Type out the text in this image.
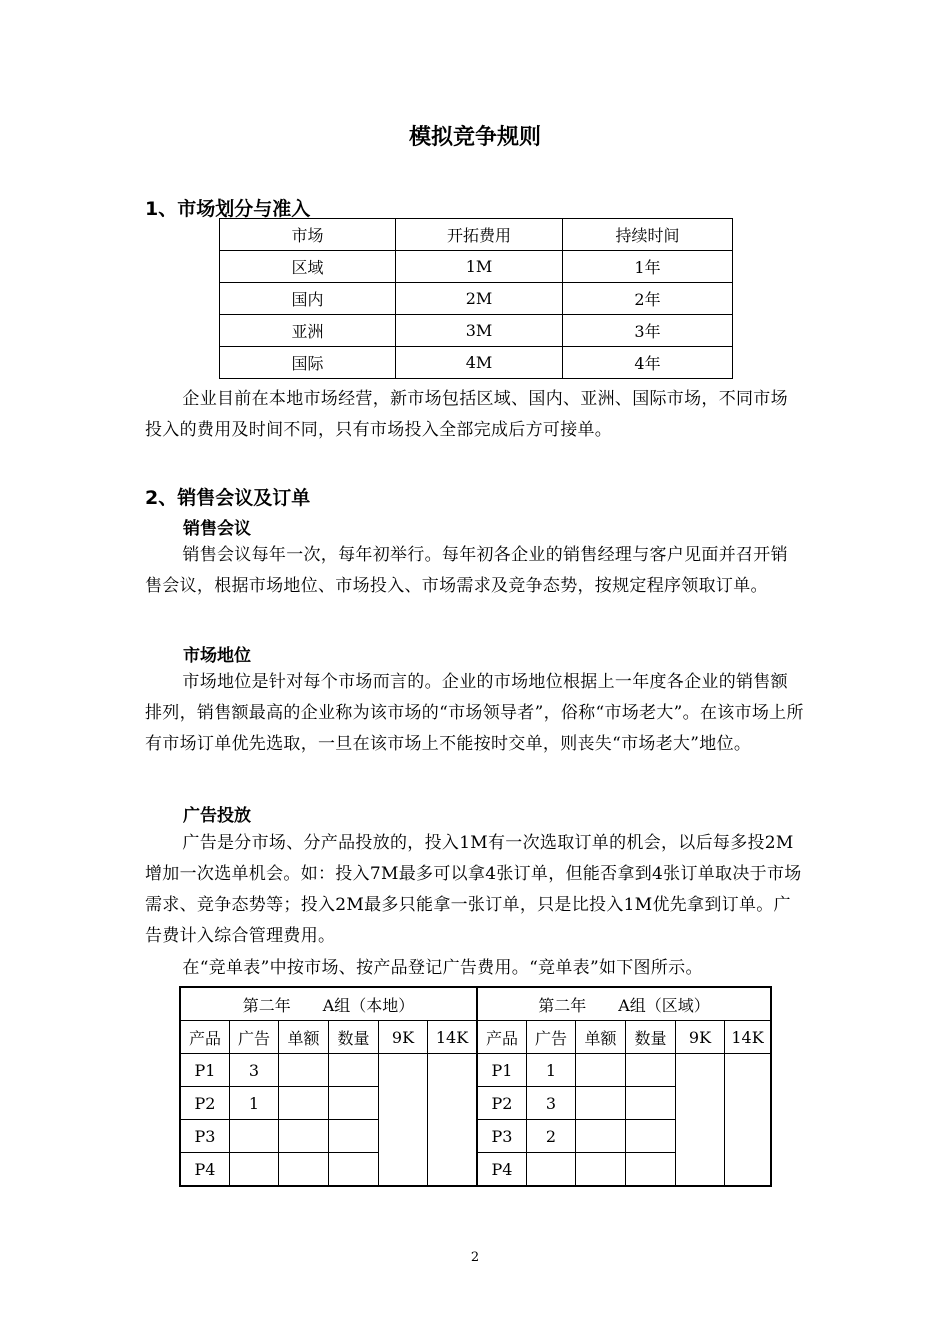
模拟竞争规则
1、市场划分与准入
市场	开拓费用	持续时间
区域	1M	1年
国内	2M	2年
亚洲	3M	3年
国际	4M	4年
企业目前在本地市场经营，新市场包括区域、国内、亚洲、国际市场，不同市场投入的费用及时间不同，只有市场投入全部完成后方可接单。
2、销售会议及订单
销售会议
销售会议每年一次，每年初举行。每年初各企业的销售经理与客户见面并召开销售会议，根据市场地位、市场投入、市场需求及竞争态势，按规定程序领取订单。
市场地位
市场地位是针对每个市场而言的。企业的市场地位根据上一年度各企业的销售额排列，销售额最高的企业称为该市场的“市场领导者”，俗称“市场老大”。在该市场上所有市场订单优先选取，一旦在该市场上不能按时交单，则丧失“市场老大”地位。
广告投放
广告是分市场、分产品投放的，投入1M有一次选取订单的机会，以后每多投2M增加一次选单机会。如：投入7M最多可以拿4张订单，但能否拿到4张订单取决于市场需求、竞争态势等；投入2M最多只能拿一张订单，只是比投入1M优先拿到订单。广告费计入综合管理费用。
在“竞单表”中按市场、按产品登记广告费用。“竞单表”如下图所示。
第二年　　A组（本地）						第二年　　A组（区域）					
产品	广告	单额	数量	9K	14K	产品	广告	单额	数量	9K	14K
P1	3					P1	1				
P2	1					P2	3				
P3						P3	2				
P4						P4					
2
